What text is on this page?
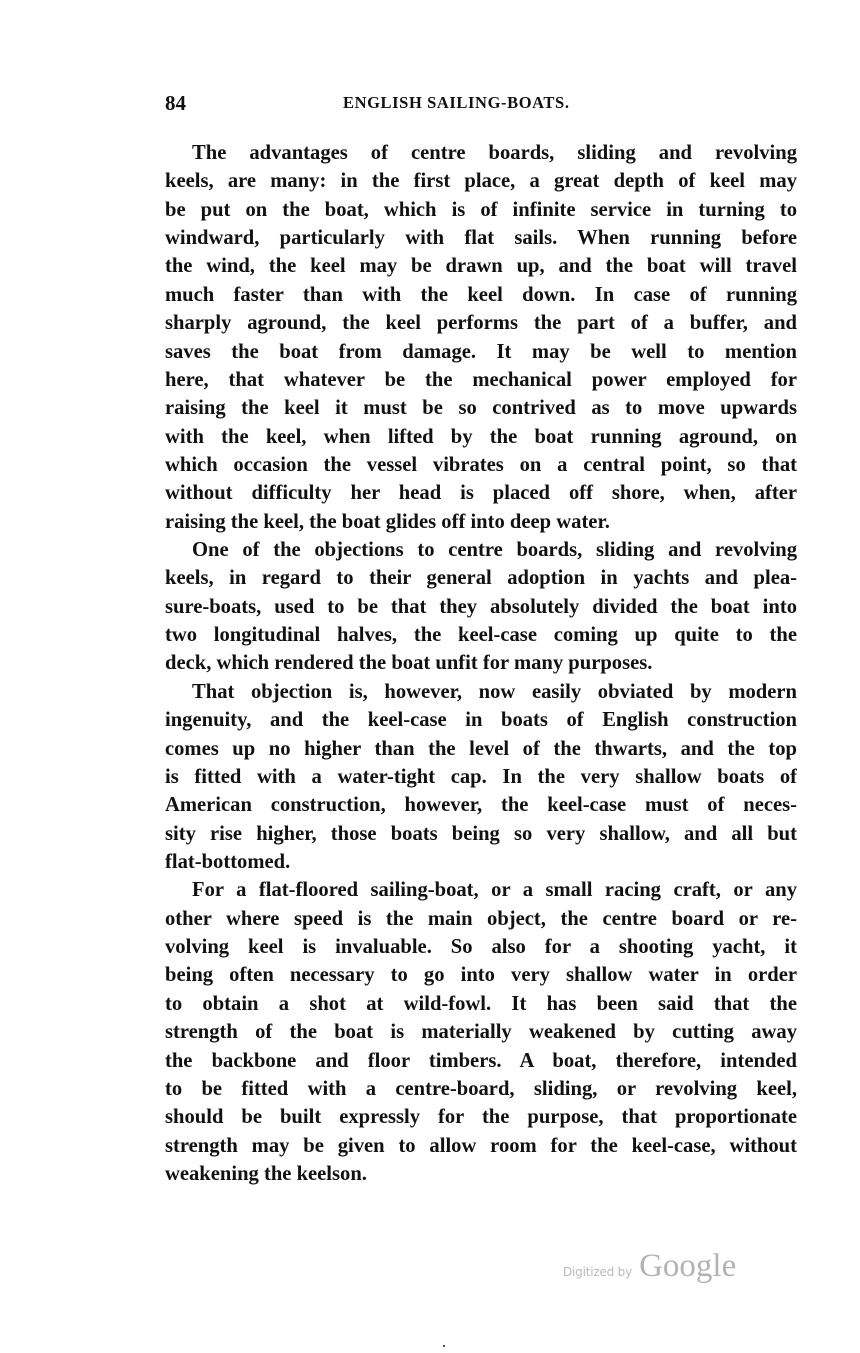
84	ENGLISH SAILING-BOATS.
The advantages of centre boards, sliding and revolving
keels, are many: in the first place, a great depth of keel may
be put on the boat, which is of infinite service in turning to
windward, particularly with flat sails. When running before
the wind, the keel may be drawn up, and the boat will travel
much faster than with the keel down. In case of running
sharply aground, the keel performs the part of a buffer, and
saves the boat from damage. It may be well to mention
here, that whatever be the mechanical power employed for
raising the keel it must be so contrived as to move upwards
with the keel, when lifted by the boat running aground, on
which occasion the vessel vibrates on a central point, so that
without difficulty her head is placed off shore, when, after
raising the keel, the boat glides off into deep water.
One of the objections to centre boards, sliding and revolving
keels, in regard to their general adoption in yachts and plea-
sure-boats, used to be that they absolutely divided the boat into
two longitudinal halves, the keel-case coming up quite to the
deck, which rendered the boat unfit for many purposes.
That objection is, however, now easily obviated by modern
ingenuity, and the keel-case in boats of English construction
comes up no higher than the level of the thwarts, and the top
is fitted with a water-tight cap. In the very shallow boats of
American construction, however, the keel-case must of neces-
sity rise higher, those boats being so very shallow, and all but
flat-bottomed.
For a flat-floored sailing-boat, or a small racing craft, or any
other where speed is the main object, the centre board or re-
volving keel is invaluable. So also for a shooting yacht, it
being often necessary to go into very shallow water in order
to obtain a shot at wild-fowl. It has been said that the
strength of the boat is materially weakened by cutting away
the backbone and floor timbers. A boat, therefore, intended
to be fitted with a centre-board, sliding, or revolving keel,
should be built expressly for the purpose, that proportionate
strength may be given to allow room for the keel-case, without
weakening the keelson.
Digitized by Google
